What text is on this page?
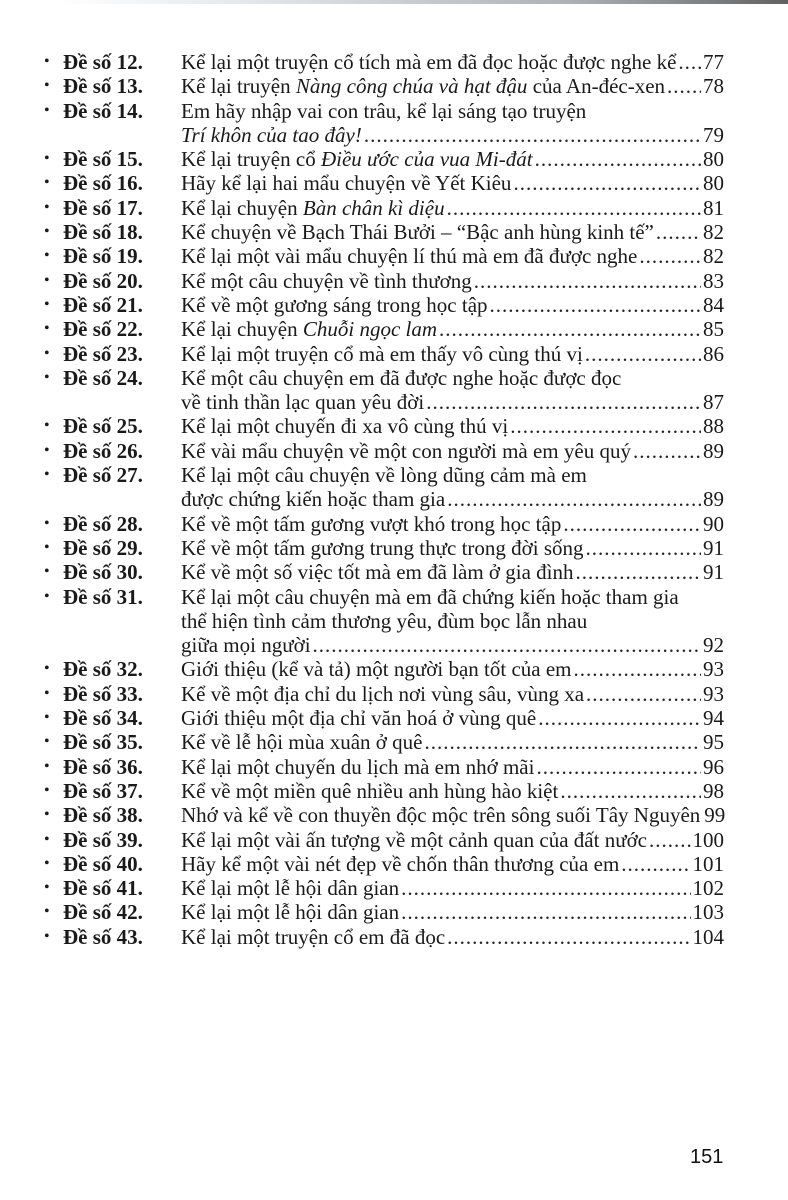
• Đề số 12.	Kể lại một truyện cổ tích mà em đã đọc hoặc được nghe kể ..... 77
• Đề số 13.	Kể lại truyện Nàng công chúa và hạt đậu của An-đéc-xen ..... 78
• Đề số 14.	Em hãy nhập vai con trâu, kể lại sáng tạo truyện
Trí khôn của tao đây! .....	79
• Đề số 15.	Kể lại truyện cổ Điều ước của vua Mi-đát .....	80
• Đề số 16.	Hãy kể lại hai mẩu chuyện về Yết Kiêu .....	80
• Đề số 17.	Kể lại chuyện Bàn chân kì diệu .....	81
• Đề số 18.	Kể chuyện về Bạch Thái Bưởi – “Bậc anh hùng kinh tế” ..... 82
• Đề số 19.	Kể lại một vài mẩu chuyện lí thú mà em đã được nghe .....	82
• Đề số 20.	Kể một câu chuyện về tình thương .....	83
• Đề số 21.	Kể về một gương sáng trong học tập .....	84
• Đề số 22.	Kể lại chuyện Chuỗi ngọc lam .....	85
• Đề số 23.	Kể lại một truyện cổ mà em thấy vô cùng thú vị .....	86
• Đề số 24.	Kể một câu chuyện em đã được nghe hoặc được đọc
về tinh thần lạc quan yêu đời .....	87
• Đề số 25.	Kể lại một chuyến đi xa vô cùng thú vị .....	88
• Đề số 26.	Kể vài mẩu chuyện về một con người mà em yêu quý .....	89
• Đề số 27.	Kể lại một câu chuyện về lòng dũng cảm mà em
được chứng kiến hoặc tham gia .....	89
• Đề số 28.	Kể về một tấm gương vượt khó trong học tập .....	90
• Đề số 29.	Kể về một tấm gương trung thực trong đời sống .....	91
• Đề số 30.	Kể về một số việc tốt mà em đã làm ở gia đình .....	91
• Đề số 31.	Kể lại một câu chuyện mà em đã chứng kiến hoặc tham gia
thể hiện tình cảm thương yêu, đùm bọc lẫn nhau
giữa mọi người .....	92
• Đề số 32.	Giới thiệu (kể và tả) một người bạn tốt của em .....	93
• Đề số 33.	Kể về một địa chỉ du lịch nơi vùng sâu, vùng xa .....	93
• Đề số 34.	Giới thiệu một địa chỉ văn hoá ở vùng quê .....	94
• Đề số 35.	Kể về lễ hội mùa xuân ở quê .....	95
• Đề số 36.	Kể lại một chuyến du lịch mà em nhớ mãi .....	96
• Đề số 37.	Kể về một miền quê nhiều anh hùng hào kiệt .....	98
• Đề số 38.	Nhớ và kể về con thuyền độc mộc trên sông suối Tây Nguyên 99
• Đề số 39.	Kể lại một vài ấn tượng về một cảnh quan của đất nước ..... 100
• Đề số 40.	Hãy kể một vài nét đẹp về chốn thân thương của em .....	101
• Đề số 41.	Kể lại một lễ hội dân gian .....	102
• Đề số 42.	Kể lại một lễ hội dân gian .....	103
• Đề số 43.	Kể lại một truyện cổ em đã đọc .....	104
151
